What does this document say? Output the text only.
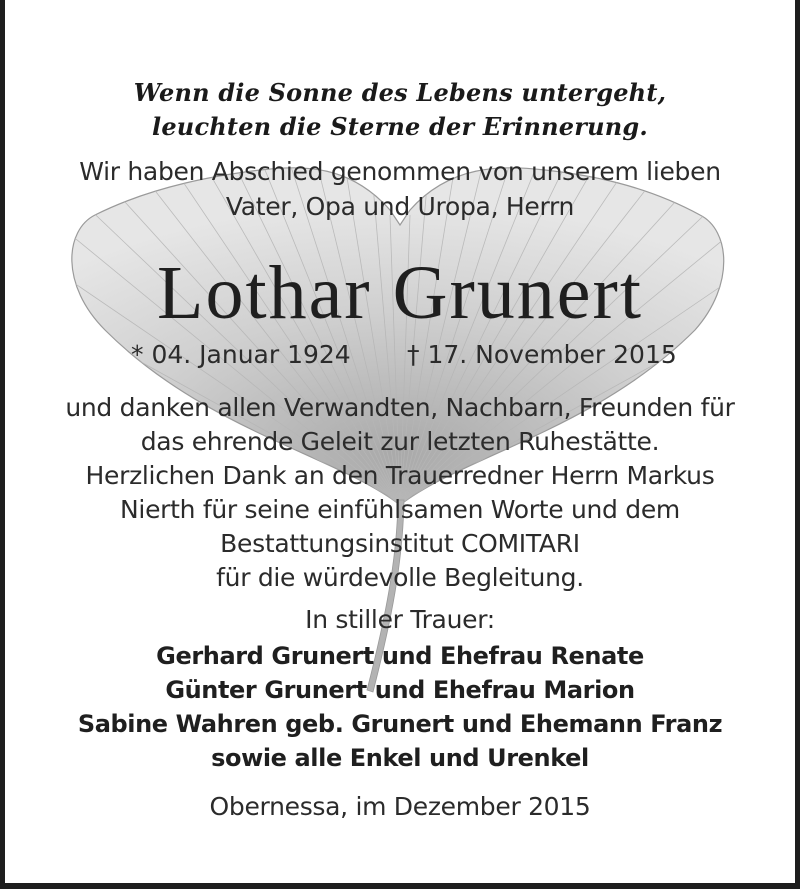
Wenn die Sonne des Lebens untergeht,
leuchten die Sterne der Erinnerung.
Wir haben Abschied genommen von unserem lieben
Vater, Opa und Uropa, Herrn
Lothar Grunert
* 04. Januar 1924 † 17. November 2015
und danken allen Verwandten, Nachbarn, Freunden für
das ehrende Geleit zur letzten Ruhestätte.
Herzlichen Dank an den Trauerredner Herrn Markus
Nierth für seine einfühlsamen Worte und dem
Bestattungsinstitut COMITARI
für die würdevolle Begleitung.
In stiller Trauer:
Gerhard Grunert und Ehefrau Renate
Günter Grunert und Ehefrau Marion
Sabine Wahren geb. Grunert und Ehemann Franz
sowie alle Enkel und Urenkel
Obernessa, im Dezember 2015
